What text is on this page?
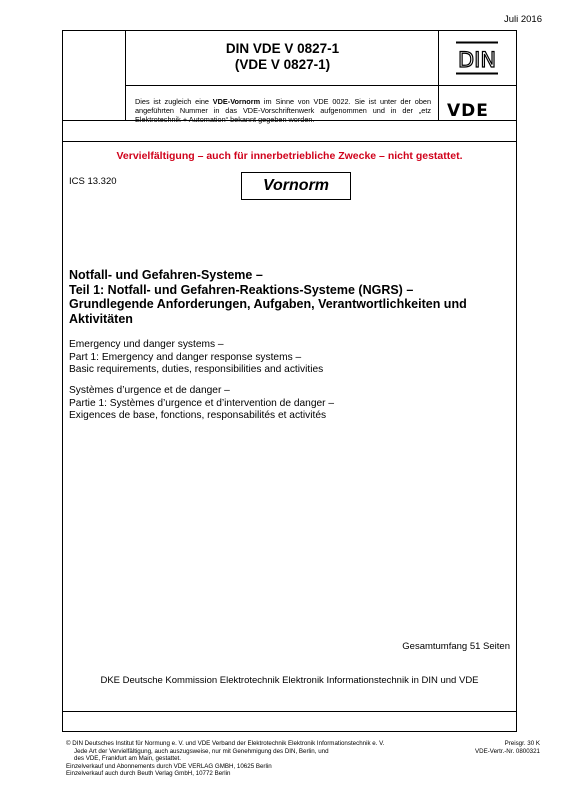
Juli 2016
DIN VDE V 0827-1
(VDE V 0827-1)	DIN
Dies ist zugleich eine VDE-Vornorm im Sinne von VDE 0022. Sie ist unter der oben angeführten Nummer in das VDE-Vorschriftenwerk aufgenommen und in der „etz Elektrotechnik + Automation“ bekannt gegeben worden.	VDE
Vervielfältigung – auch für innerbetriebliche Zwecke – nicht gestattet.
ICS 13.320	Vornorm
Notfall- und Gefahren-Systeme –
Teil 1: Notfall- und Gefahren-Reaktions-Systeme (NGRS) –
Grundlegende Anforderungen, Aufgaben, Verantwortlichkeiten und
Aktivitäten
Emergency und danger systems –
Part 1: Emergency and danger response systems –
Basic requirements, duties, responsibilities and activities
Systèmes d’urgence et de danger –
Partie 1: Systèmes d’urgence et d’intervention de danger –
Exigences de base, fonctions, responsabilités et activités
Gesamtumfang 51 Seiten
DKE Deutsche Kommission Elektrotechnik Elektronik Informationstechnik in DIN und VDE
© DIN Deutsches Institut für Normung e. V. und VDE Verband der Elektrotechnik Elektronik Informationstechnik e. V.
Jede Art der Vervielfältigung, auch auszugsweise, nur mit Genehmigung des DIN, Berlin, und
des VDE, Frankfurt am Main, gestattet.
Einzelverkauf und Abonnements durch VDE VERLAG GMBH, 10625 Berlin
Einzelverkauf auch durch Beuth Verlag GmbH, 10772 Berlin
Preisgr. 30 K
VDE-Vertr.-Nr. 0800321
